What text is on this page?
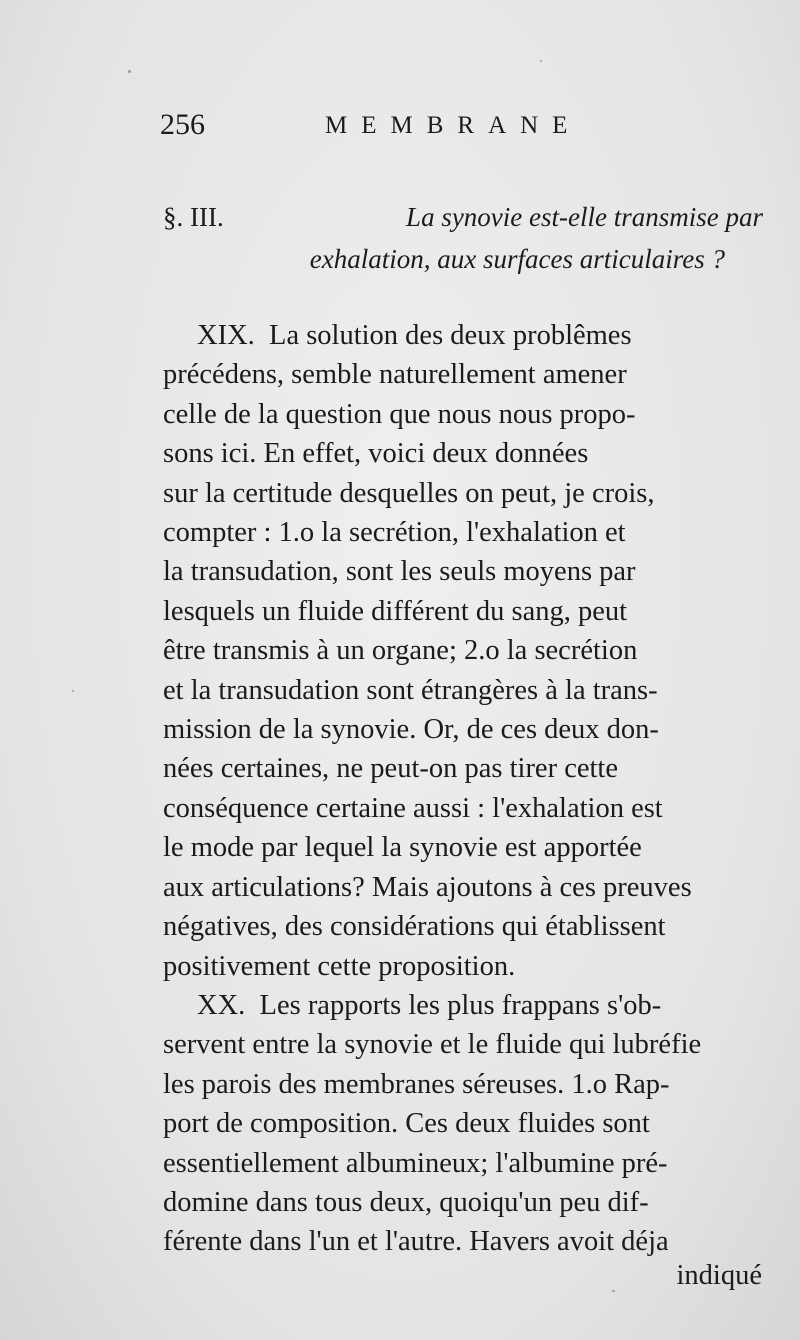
256	MEMBRANE
§. III.	La synovie est-elle transmise par
exhalation, aux surfaces articulaires ?
XIX.  La solution des deux problêmes
précédens, semble naturellement amener
celle de la question que nous nous propo-
sons ici. En effet, voici deux données
sur la certitude desquelles on peut, je crois,
compter : 1.o la secrétion, l'exhalation et
la transudation, sont les seuls moyens par
lesquels un fluide différent du sang, peut
être transmis à un organe; 2.o la secrétion
et la transudation sont étrangères à la trans-
mission de la synovie. Or, de ces deux don-
nées certaines, ne peut-on pas tirer cette
conséquence certaine aussi : l'exhalation est
le mode par lequel la synovie est apportée
aux articulations? Mais ajoutons à ces preuves
négatives, des considérations qui établissent
positivement cette proposition.
XX.  Les rapports les plus frappans s'ob-
servent entre la synovie et le fluide qui lubréfie
les parois des membranes séreuses. 1.o Rap-
port de composition. Ces deux fluides sont
essentiellement albumineux; l'albumine pré-
domine dans tous deux, quoiqu'un peu dif-
férente dans l'un et l'autre. Havers avoit déja
indiqué
